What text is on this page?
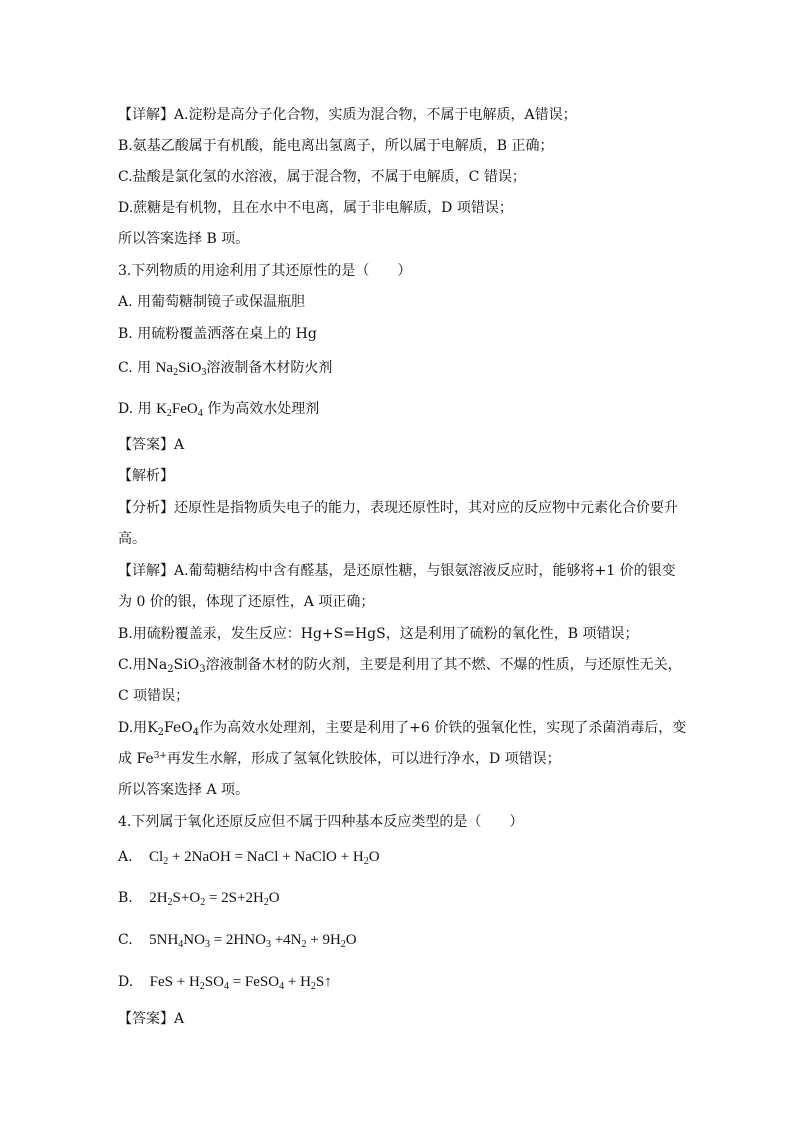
【详解】A.淀粉是高分子化合物，实质为混合物，不属于电解质，A错误；
B.氨基乙酸属于有机酸，能电离出氢离子，所以属于电解质，B 正确；
C.盐酸是氯化氢的水溶液，属于混合物，不属于电解质，C 错误；
D.蔗糖是有机物，且在水中不电离，属于非电解质，D 项错误；
所以答案选择 B 项。
3.下列物质的用途利用了其还原性的是（　　）
A. 用葡萄糖制镜子或保温瓶胆
B. 用硫粉覆盖洒落在桌上的 Hg
C. 用 $Na_2SiO_3$溶液制备木材防火剂
D. 用 $K_2FeO_4$ 作为高效水处理剂
【答案】A
【解析】
【分析】还原性是指物质失电子的能力，表现还原性时，其对应的反应物中元素化合价要升
高。
【详解】A.葡萄糖结构中含有醛基，是还原性糖，与银氨溶液反应时，能够将+1 价的银变
为 0 价的银，体现了还原性，A 项正确；
B.用硫粉覆盖汞，发生反应：Hg+S=HgS，这是利用了硫粉的氧化性，B 项错误；
C.用$Na_2SiO_3$溶液制备木材的防火剂，主要是利用了其不燃、不爆的性质，与还原性无关，
C 项错误；
D.用$K_2FeO_4$作为高效水处理剂，主要是利用了+6 价铁的强氧化性，实现了杀菌消毒后，变
成 $Fe^{3+}$再发生水解，形成了氢氧化铁胶体，可以进行净水，D 项错误；
所以答案选择 A 项。
4.下列属于氧化还原反应但不属于四种基本反应类型的是（　　）
A. $Cl_2$ + 2NaOH = NaCl + NaClO + $H_2O$
B. $2H_2S+O_2 = 2S+2H_2O$
C. $5NH_4NO_3 = 2HNO_3 +4N_2 + 9H_2O$
D. FeS + $H_2SO_4$ = FeSO$_4$ + $H_2S↑$
【答案】A
